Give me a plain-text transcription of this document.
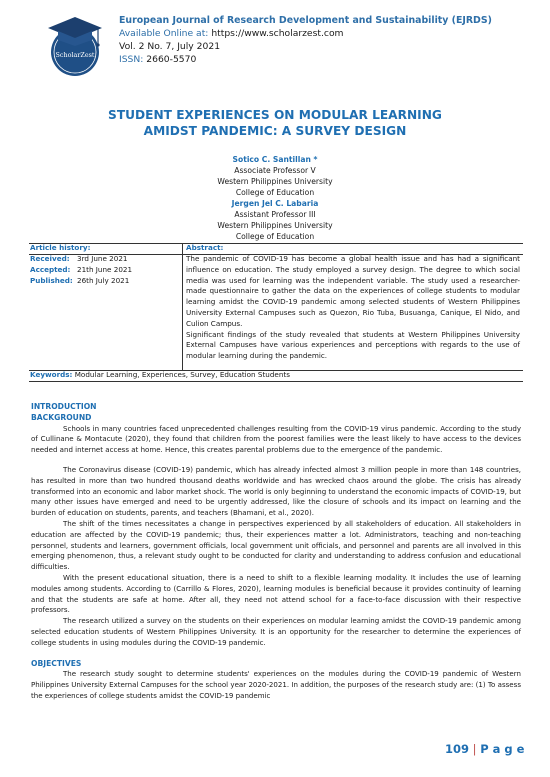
ScholarZest
European Journal of Research Development and Sustainability (EJRDS)
Available Online at: https://www.scholarzest.com
Vol. 2 No. 7, July 2021
ISSN: 2660-5570
STUDENT EXPERIENCES ON MODULAR LEARNING
AMIDST PANDEMIC: A SURVEY DESIGN
Sotico C. Santillan *
Associate Professor V
Western Philippines University
College of Education
Jergen Jel C. Labaria
Assistant Professor III
Western Philippines University
College of Education
Article history:	Abstract:
Received: 3rd June 2021
Accepted: 21th June 2021
Published: 26th July 2021

The pandemic of COVID-19 has become a global health issue and has had a significant influence on education. The study employed a survey design. The degree to which social media was used for learning was the independent variable. The study used a researcher-made questionnaire to gather the data on the experiences of college students to modular learning amidst the COVID-19 pandemic among selected students of Western Philippines University External Campuses such as Quezon, Rio Tuba, Busuanga, Canique, El Nido, and Culion Campus.

Significant findings of the study revealed that students at Western Philippines University External Campuses have various experiences and perceptions with regards to the use of modular learning during the pandemic.

Keywords: Modular Learning, Experiences, Survey, Education Students
INTRODUCTION
BACKGROUND

Schools in many countries faced unprecedented challenges resulting from the COVID-19 virus pandemic. According to the study of Cullinane & Montacute (2020), they found that children from the poorest families were the least likely to have access to the devices needed and internet access at home. Hence, this creates parental problems due to the emergence of the pandemic.

The Coronavirus disease (COVID-19) pandemic, which has already infected almost 3 million people in more than 148 countries, has resulted in more than two hundred thousand deaths worldwide and has wrecked chaos around the globe. The crisis has already transformed into an economic and labor market shock. The world is only beginning to understand the economic impacts of COVID-19, but many other issues have emerged and need to be urgently addressed, like the closure of schools and its impact on learning and the burden of education on students, parents, and teachers (Bhamani, et al., 2020).

The shift of the times necessitates a change in perspectives experienced by all stakeholders of education. All stakeholders in education are affected by the COVID-19 pandemic; thus, their experiences matter a lot. Administrators, teaching and non-teaching personnel, students and learners, government officials, local government unit officials, and personnel and parents are all involved in this emerging phenomenon, thus, a relevant study ought to be conducted for clarity and understanding to address confusion and educational difficulties.

With the present educational situation, there is a need to shift to a flexible learning modality. It includes the use of learning modules among students. According to (Carrillo & Flores, 2020), learning modules is beneficial because it provides continuity of learning and that the students are safe at home. After all, they need not attend school for a face-to-face discussion with their respective professors.

The research utilized a survey on the students on their experiences on modular learning amidst the COVID-19 pandemic among selected education students of Western Philippines University. It is an opportunity for the researcher to determine the experiences of college students in using modules during the COVID-19 pandemic.

OBJECTIVES

The research study sought to determine students' experiences on the modules during the COVID-19 pandemic of Western Philippines University External Campuses for the school year 2020-2021. In addition, the purposes of the research study are: (1) To assess the experiences of college students amidst the COVID-19 pandemic

109 | P a g e
